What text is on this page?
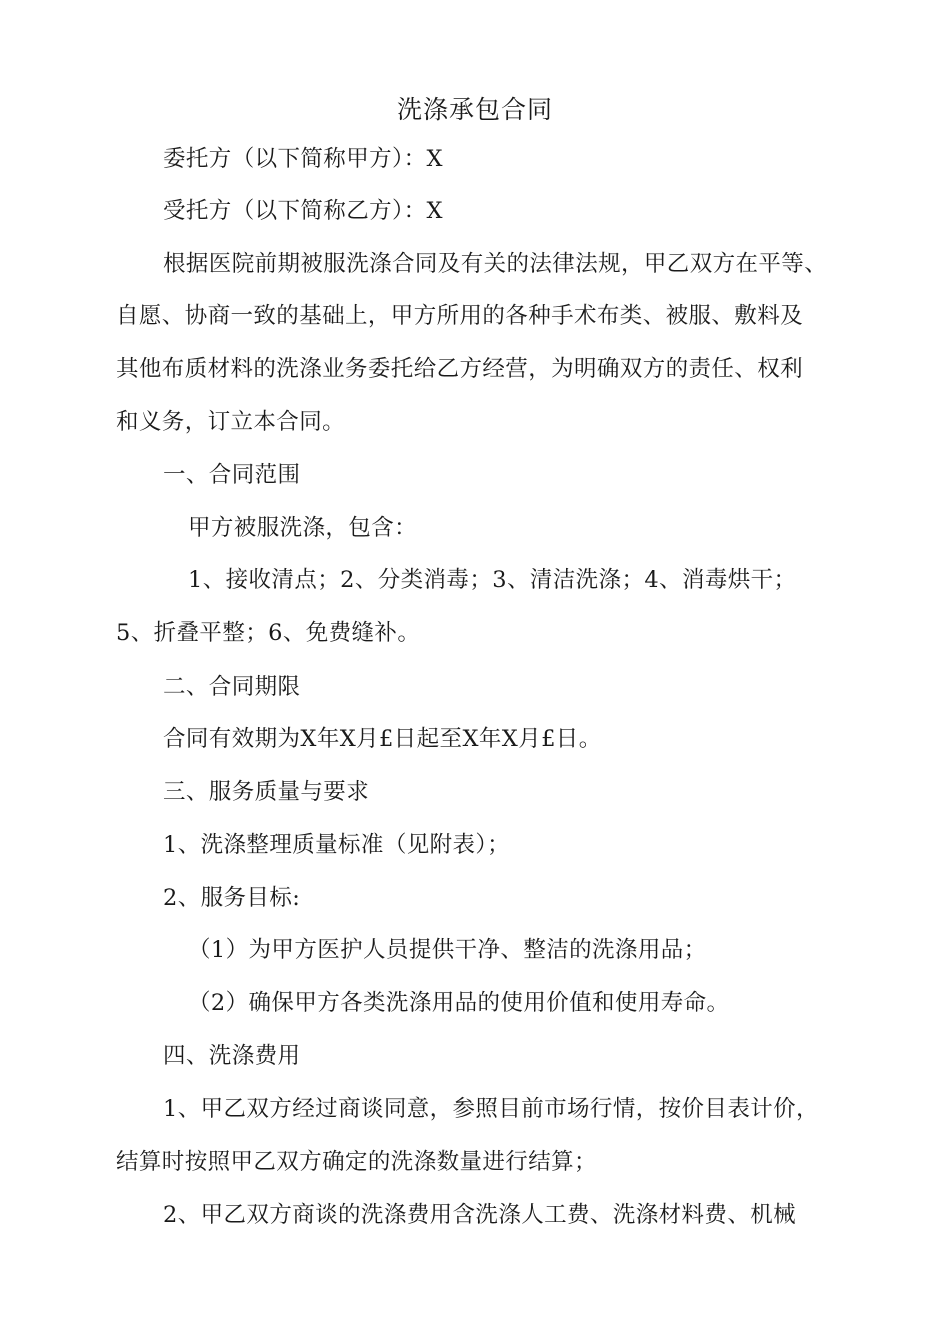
洗涤承包合同
委托方（以下简称甲方）：X
受托方（以下简称乙方）：X
根据医院前期被服洗涤合同及有关的法律法规，甲乙双方在平等、
自愿、协商一致的基础上，甲方所用的各种手术布类、被服、敷料及
其他布质材料的洗涤业务委托给乙方经营，为明确双方的责任、权利
和义务，订立本合同。
一、合同范围
甲方被服洗涤，包含：
1、接收清点；2、分类消毒；3、清洁洗涤；4、消毒烘干；
5、折叠平整；6、免费缝补。
二、合同期限
合同有效期为X年X月£日起至X年X月£日。
三、服务质量与要求
1、洗涤整理质量标准（见附表）；
2、服务目标:
（1）为甲方医护人员提供干净、整洁的洗涤用品；
（2）确保甲方各类洗涤用品的使用价值和使用寿命。
四、洗涤费用
1、甲乙双方经过商谈同意，参照目前市场行情，按价目表计价，
结算时按照甲乙双方确定的洗涤数量进行结算；
2、甲乙双方商谈的洗涤费用含洗涤人工费、洗涤材料费、机械
